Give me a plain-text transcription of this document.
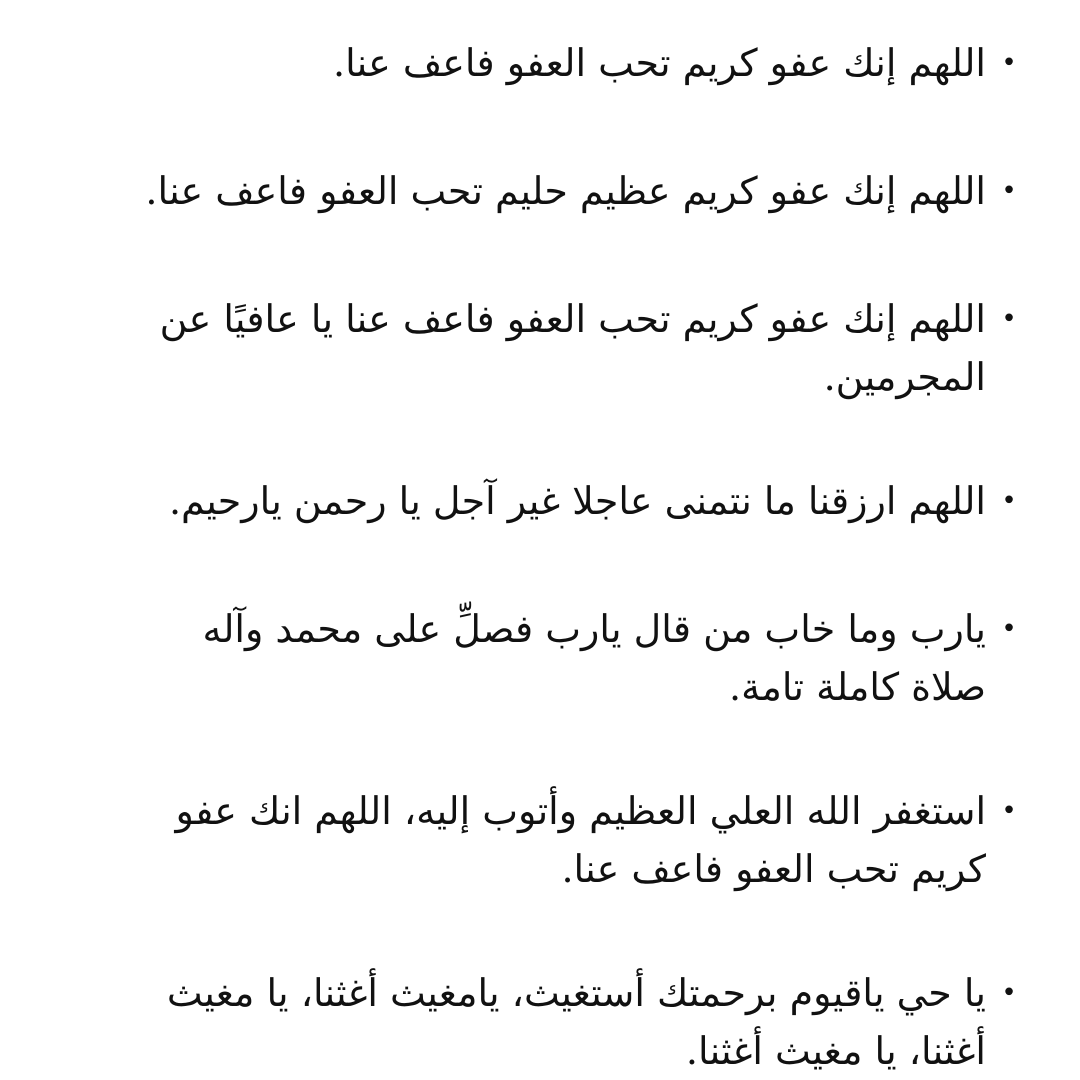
•
اللهم إنك عفو كريم تحب العفو فاعف عنا.
•
اللهم إنك عفو كريم عظيم حليم تحب العفو فاعف عنا.
•
اللهم إنك عفو كريم تحب العفو فاعف عنا يا عافيًا عن المجرمين.
•
اللهم ارزقنا ما نتمنى عاجلا غير آجل يا رحمن يارحيم.
•
يارب وما خاب من قال يارب فصلِّ على محمد وآله صلاة كاملة تامة.
•
استغفر الله العلي العظيم وأتوب إليه، اللهم انك عفو كريم تحب العفو فاعف عنا.
•
يا حي ياقيوم برحمتك أستغيث، يامغيث أغثنا، يا مغيث أغثنا، يا مغيث أغثنا.
